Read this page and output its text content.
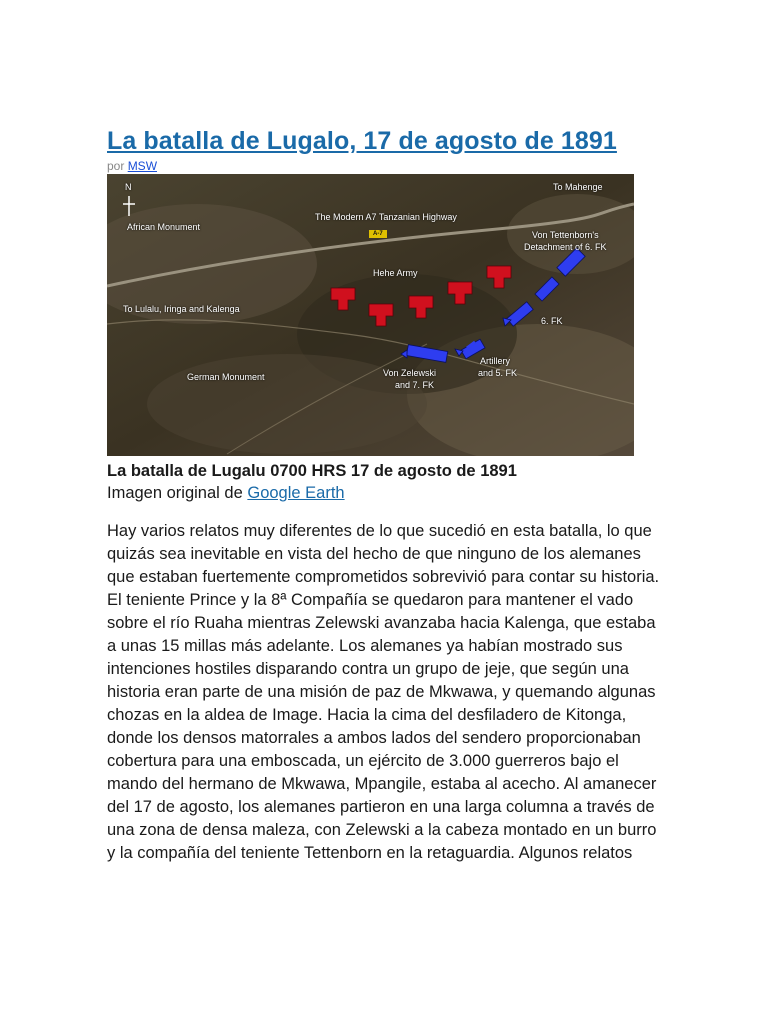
La batalla de Lugalo, 17 de agosto de 1891
por MSW
N
African Monument
The Modern A7 Tanzanian Highway
A-7
To Mahenge
Hehe Army
Von Tettenborn's
Detachment of 6. FK
To Lulalu, Iringa and Kalenga
6. FK
Artillery
and 5. FK
Von Zelewski
and 7. FK
German Monument
La batalla de Lugalu 0700 HRS 17 de agosto de 1891
Imagen original de Google Earth
Hay varios relatos muy diferentes de lo que sucedió en esta batalla, lo que quizás sea inevitable en vista del hecho de que ninguno de los alemanes que estaban fuertemente comprometidos sobrevivió para contar su historia. El teniente Prince y la 8ª Compañía se quedaron para mantener el vado sobre el río Ruaha mientras Zelewski avanzaba hacia Kalenga, que estaba a unas 15 millas más adelante. Los alemanes ya habían mostrado sus intenciones hostiles disparando contra un grupo de jeje, que según una historia eran parte de una misión de paz de Mkwawa, y quemando algunas chozas en la aldea de Image. Hacia la cima del desfiladero de Kitonga, donde los densos matorrales a ambos lados del sendero proporcionaban cobertura para una emboscada, un ejército de 3.000 guerreros bajo el mando del hermano de Mkwawa, Mpangile, estaba al acecho. Al amanecer del 17 de agosto, los alemanes partieron en una larga columna a través de una zona de densa maleza, con Zelewski a la cabeza montado en un burro y la compañía del teniente Tettenborn en la retaguardia. Algunos relatos
